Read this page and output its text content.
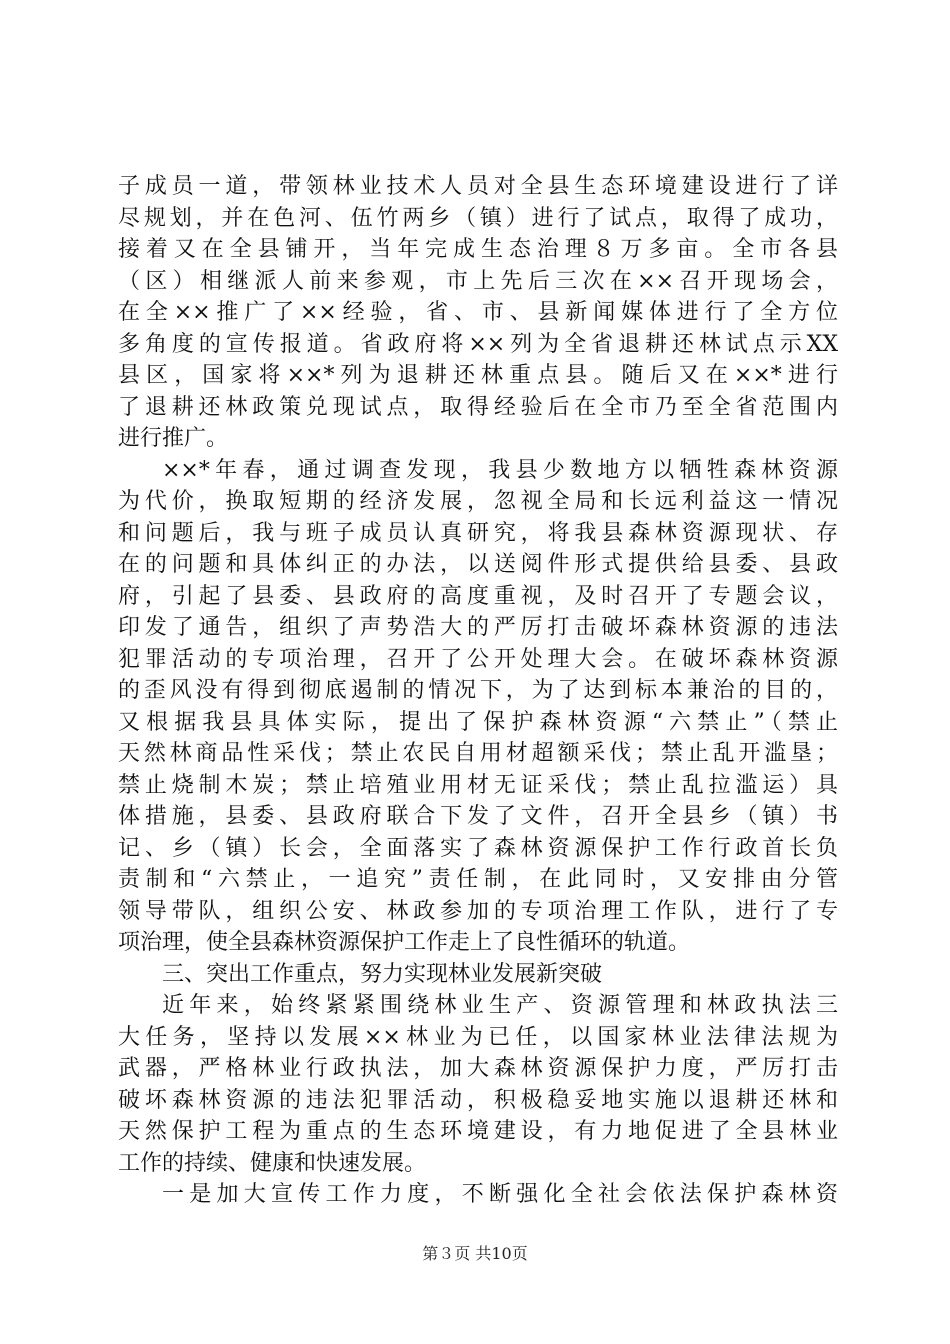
子成员一道，带领林业技术人员对全县生态环境建设进行了详
尽规划，并在色河、伍竹两乡（镇）进行了试点，取得了成功，
接着又在全县铺开，当年完成生态治理８万多亩。全市各县
（区）相继派人前来参观，市上先后三次在××召开现场会，
在全××推广了××经验，省、市、县新闻媒体进行了全方位
多角度的宣传报道。省政府将××列为全省退耕还林试点示XX
县区，国家将××*列为退耕还林重点县。随后又在××*进行
了退耕还林政策兑现试点，取得经验后在全市乃至全省范围内
进行推广。
××*年春，通过调查发现，我县少数地方以牺牲森林资源
为代价，换取短期的经济发展，忽视全局和长远利益这一情况
和问题后，我与班子成员认真研究，将我县森林资源现状、存
在的问题和具体纠正的办法，以送阅件形式提供给县委、县政
府，引起了县委、县政府的高度重视，及时召开了专题会议，
印发了通告，组织了声势浩大的严厉打击破坏森林资源的违法
犯罪活动的专项治理，召开了公开处理大会。在破坏森林资源
的歪风没有得到彻底遏制的情况下，为了达到标本兼治的目的，
又根据我县具体实际，提出了保护森林资源“六禁止”（禁止
天然林商品性采伐；禁止农民自用材超额采伐；禁止乱开滥垦；
禁止烧制木炭；禁止培殖业用材无证采伐；禁止乱拉滥运）具
体措施，县委、县政府联合下发了文件，召开全县乡（镇）书
记、乡（镇）长会，全面落实了森林资源保护工作行政首长负
责制和“六禁止，一追究”责任制，在此同时，又安排由分管
领导带队，组织公安、林政参加的专项治理工作队，进行了专
项治理，使全县森林资源保护工作走上了良性循环的轨道。
三、突出工作重点，努力实现林业发展新突破
近年来，始终紧紧围绕林业生产、资源管理和林政执法三
大任务，坚持以发展××林业为已任，以国家林业法律法规为
武器，严格林业行政执法，加大森林资源保护力度，严厉打击
破坏森林资源的违法犯罪活动，积极稳妥地实施以退耕还林和
天然保护工程为重点的生态环境建设，有力地促进了全县林业
工作的持续、健康和快速发展。
一是加大宣传工作力度，不断强化全社会依法保护森林资
第３页 共10页
